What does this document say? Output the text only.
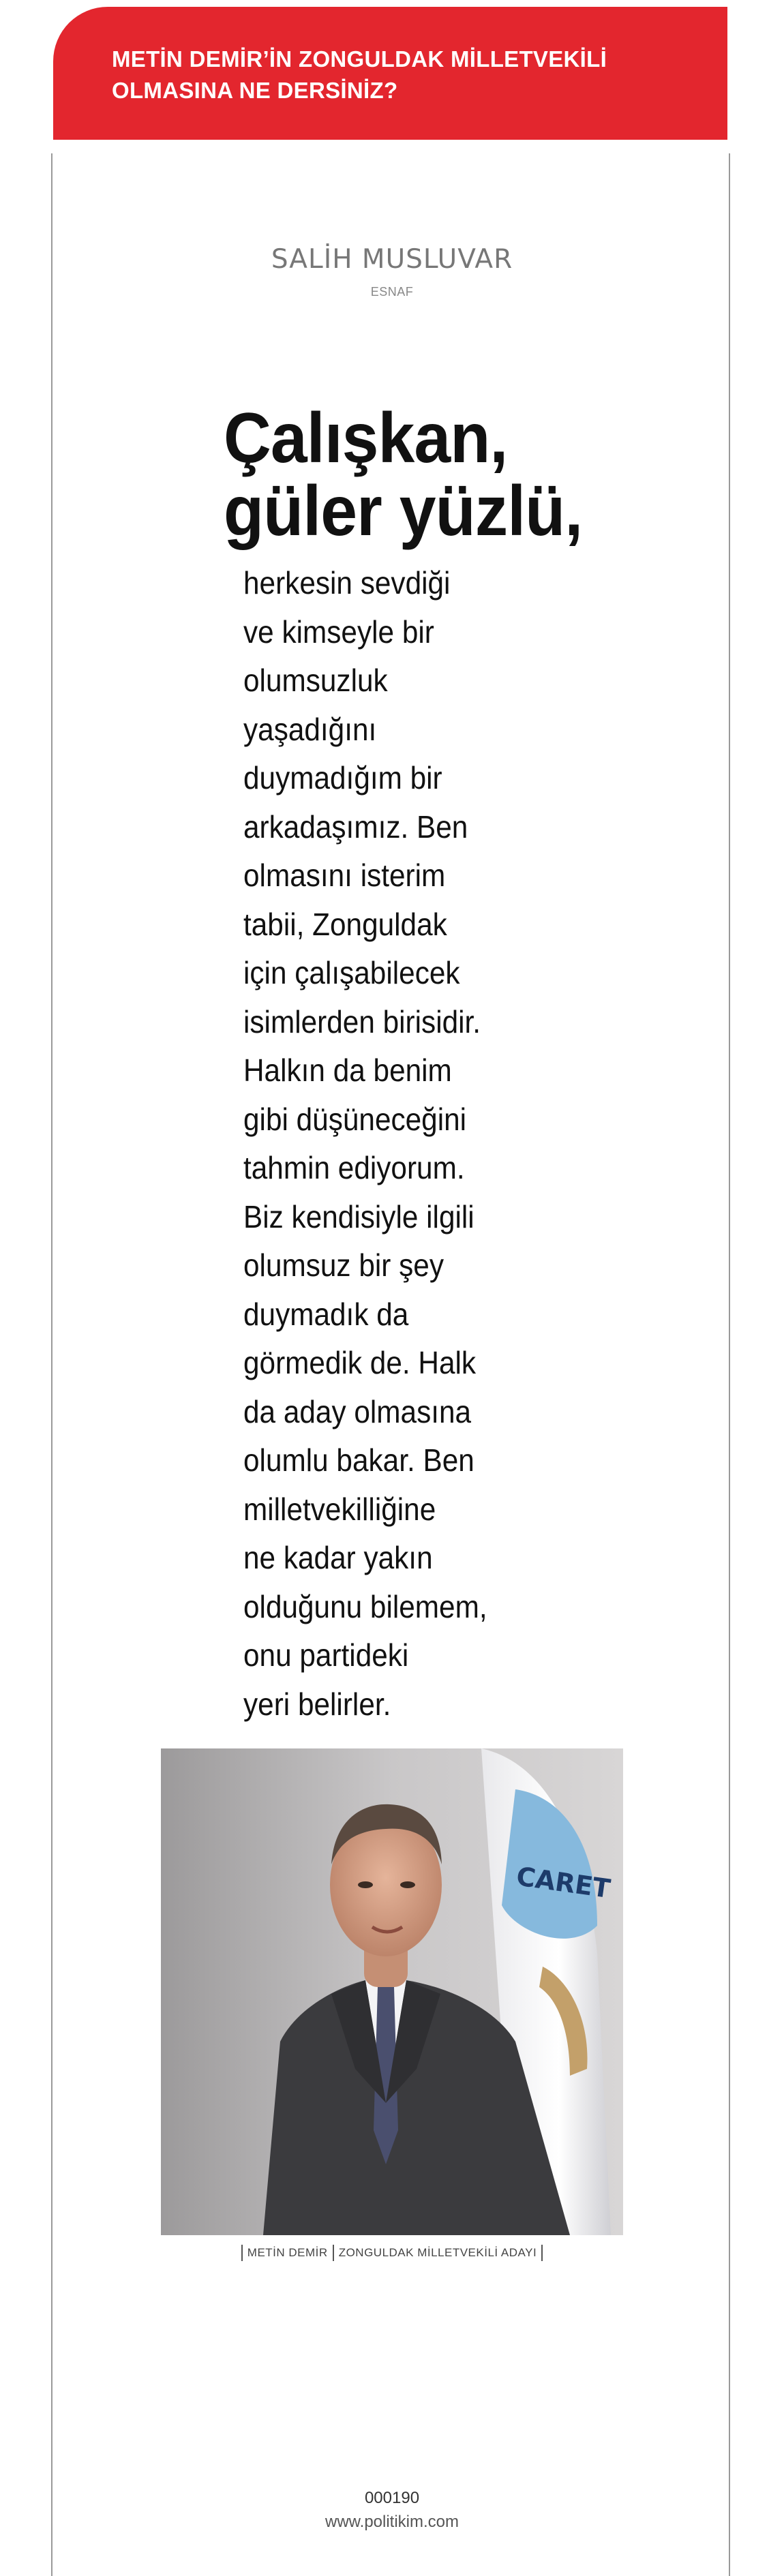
METİN DEMİR’İN ZONGULDAK MİLLETVEKİLİ
OLMASINA NE DERSİNİZ?
SALİH MUSLUVAR
ESNAF
Çalışkan,
güler yüzlü,
herkesin sevdiği
ve kimseyle bir
olumsuzluk
yaşadığını
duymadığım bir
arkadaşımız. Ben
olmasını isterim
tabii, Zonguldak
için çalışabilecek
isimlerden birisidir.
Halkın da benim
gibi düşüneceğini
tahmin ediyorum.
Biz kendisiyle ilgili
olumsuz bir şey
duymadık da
görmedik de. Halk
da aday olmasına
olumlu bakar. Ben
milletvekilliğine
ne kadar yakın
olduğunu bilemem,
onu partideki
yeri belirler.
CARET
METİN DEMİR ZONGULDAK MİLLETVEKİLİ ADAYI
000190
www.politikim.com
